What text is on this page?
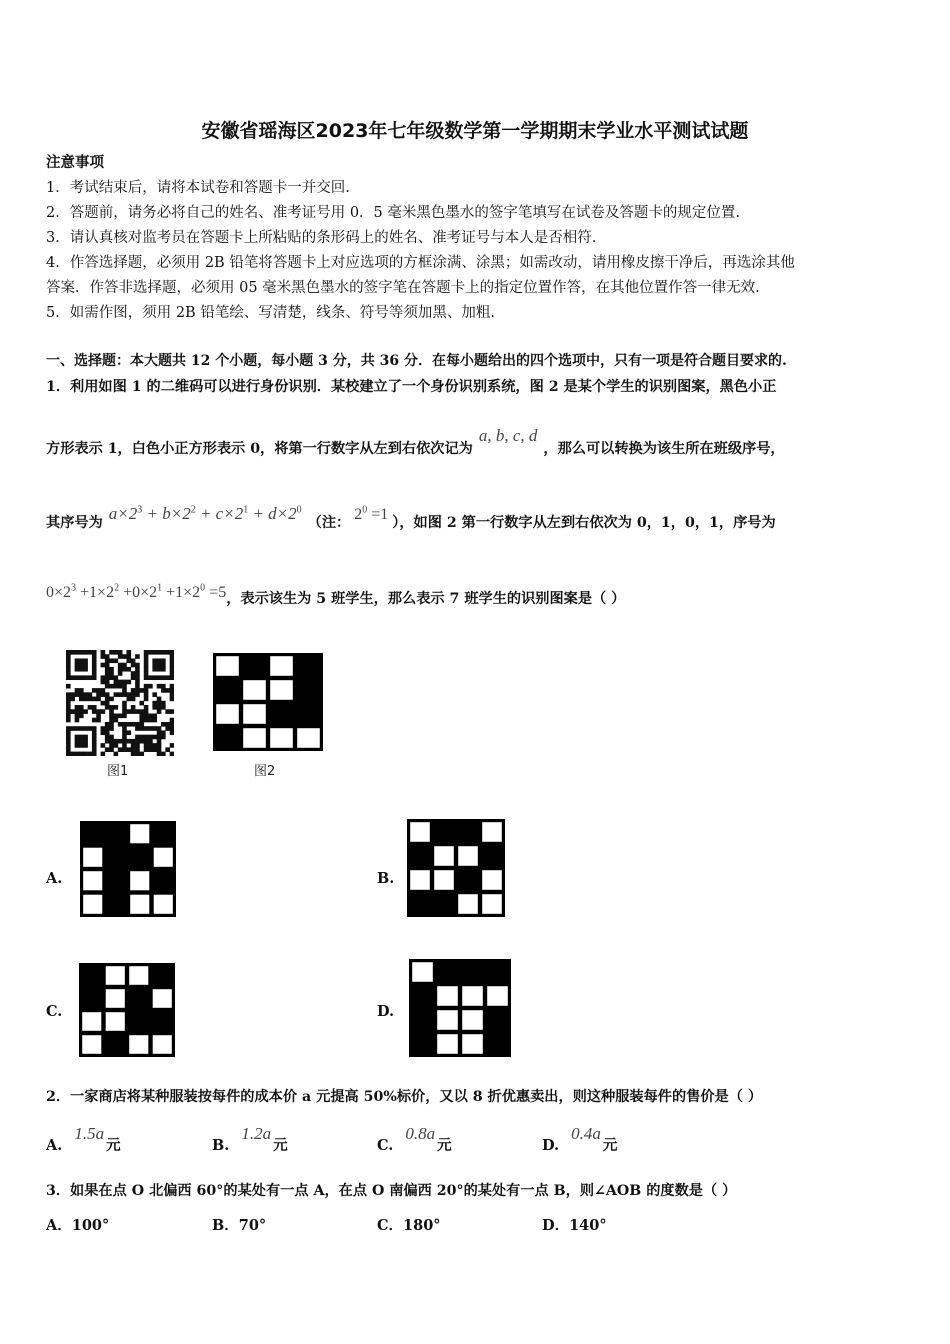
安徽省瑶海区2023年七年级数学第一学期期末学业水平测试试题
注意事项
1．考试结束后，请将本试卷和答题卡一并交回.
2．答题前，请务必将自己的姓名、准考证号用 0．5 毫米黑色墨水的签字笔填写在试卷及答题卡的规定位置.
3．请认真核对监考员在答题卡上所粘贴的条形码上的姓名、准考证号与本人是否相符.
4．作答选择题，必须用 2B 铅笔将答题卡上对应选项的方框涂满、涂黑；如需改动，请用橡皮擦干净后，再选涂其他
答案．作答非选择题，必须用 05 毫米黑色墨水的签字笔在答题卡上的指定位置作答，在其他位置作答一律无效.
5．如需作图，须用 2B 铅笔绘、写清楚，线条、符号等须加黑、加粗.
一、选择题：本大题共 12 个小题，每小题 3 分，共 36 分．在每小题给出的四个选项中，只有一项是符合题目要求的.
1．利用如图 1 的二维码可以进行身份识别．某校建立了一个身份识别系统，图 2 是某个学生的识别图案，黑色小正
方形表示 1，白色小正方形表示 0，将第一行数字从左到右依次记为a, b, c, d，那么可以转换为该生所在班级序号，
其序号为 $a\times 2^3 + b\times 2^2 + c\times 2^1 + d\times 2^0$（注： $2^0 =1$ ），如图 2 第一行数字从左到右依次为 0，1，0，1，序号为
$0\times 2^3 +1\times 2^2 +0\times 2^1 +1\times 2^0 =5$，表示该生为 5 班学生，那么表示 7 班学生的识别图案是（ ）
图1	图2
A.	B.
C.	D.
2．一家商店将某种服装按每件的成本价 a 元提高 50%标价，又以 8 折优惠卖出，则这种服装每件的售价是（ ）
A.1.5a元	B.1.2a元	C.0.8a元	D.0.4a元
3．如果在点 O 北偏西 60°的某处有一点 A，在点 O 南偏西 20°的某处有一点 B，则∠AOB 的度数是（ ）
A．100°	B．70°	C．180°	D．140°
